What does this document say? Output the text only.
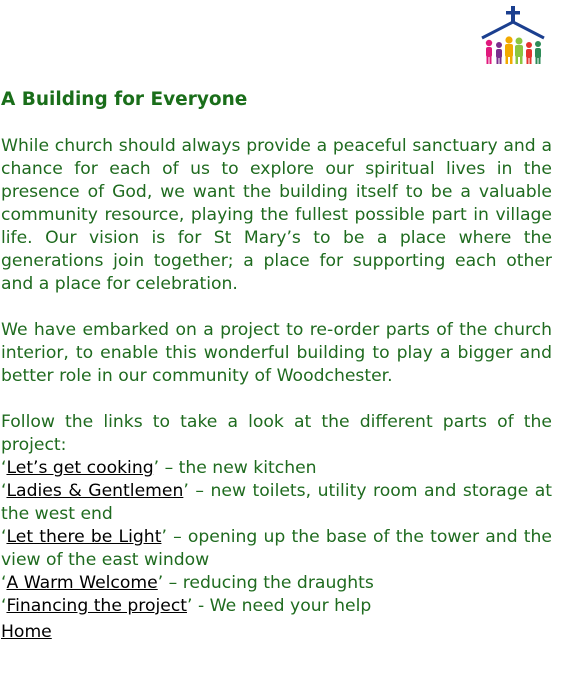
A Building for Everyone

While church should always provide a peaceful sanctuary and a chance for each of us to explore our spiritual lives in the presence of God, we want the building itself to be a valuable community resource, playing the fullest possible part in village life. Our vision is for St Mary’s to be a place where the generations join together; a place for supporting each other and a place for celebration.

We have embarked on a project to re-order parts of the church interior, to enable this wonderful building to play a bigger and better role in our community of Woodchester.

Follow the links to take a look at the different parts of the project:
‘Let’s get cooking’ – the new kitchen
‘Ladies & Gentlemen’ – new toilets, utility room and storage at the west end
‘Let there be Light’ – opening up the base of the tower and the view of the east window
‘A Warm Welcome’ – reducing the draughts
‘Financing the project’ - We need your help
Home
